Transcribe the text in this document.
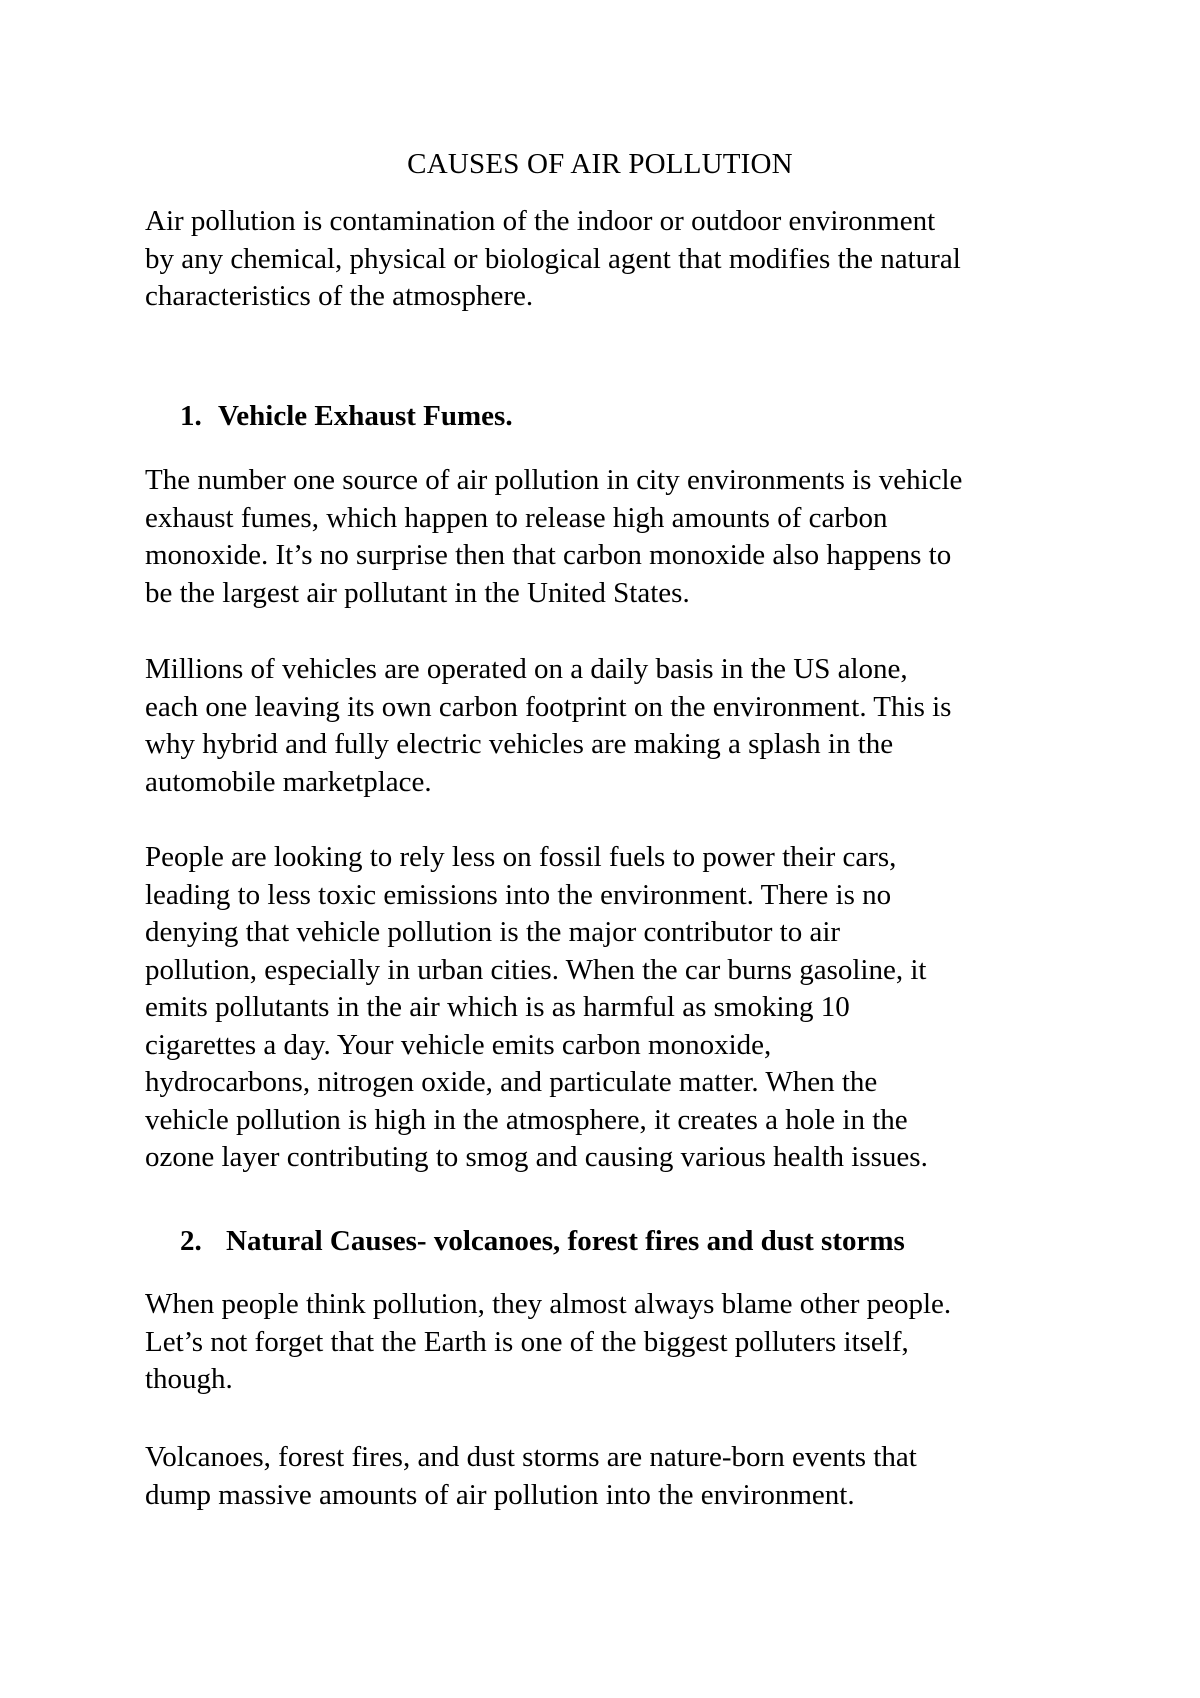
CAUSES OF AIR POLLUTION

Air pollution is contamination of the indoor or outdoor environment
by any chemical, physical or biological agent that modifies the natural
characteristics of the atmosphere.

1. Vehicle Exhaust Fumes.

The number one source of air pollution in city environments is vehicle
exhaust fumes, which happen to release high amounts of carbon
monoxide. It’s no surprise then that carbon monoxide also happens to
be the largest air pollutant in the United States.

Millions of vehicles are operated on a daily basis in the US alone,
each one leaving its own carbon footprint on the environment. This is
why hybrid and fully electric vehicles are making a splash in the
automobile marketplace.

People are looking to rely less on fossil fuels to power their cars,
leading to less toxic emissions into the environment. There is no
denying that vehicle pollution is the major contributor to air
pollution, especially in urban cities. When the car burns gasoline, it
emits pollutants in the air which is as harmful as smoking 10
cigarettes a day. Your vehicle emits carbon monoxide,
hydrocarbons, nitrogen oxide, and particulate matter. When the
vehicle pollution is high in the atmosphere, it creates a hole in the
ozone layer contributing to smog and causing various health issues.

2. Natural Causes- volcanoes, forest fires and dust storms

When people think pollution, they almost always blame other people.
Let’s not forget that the Earth is one of the biggest polluters itself,
though.

Volcanoes, forest fires, and dust storms are nature-born events that
dump massive amounts of air pollution into the environment.
